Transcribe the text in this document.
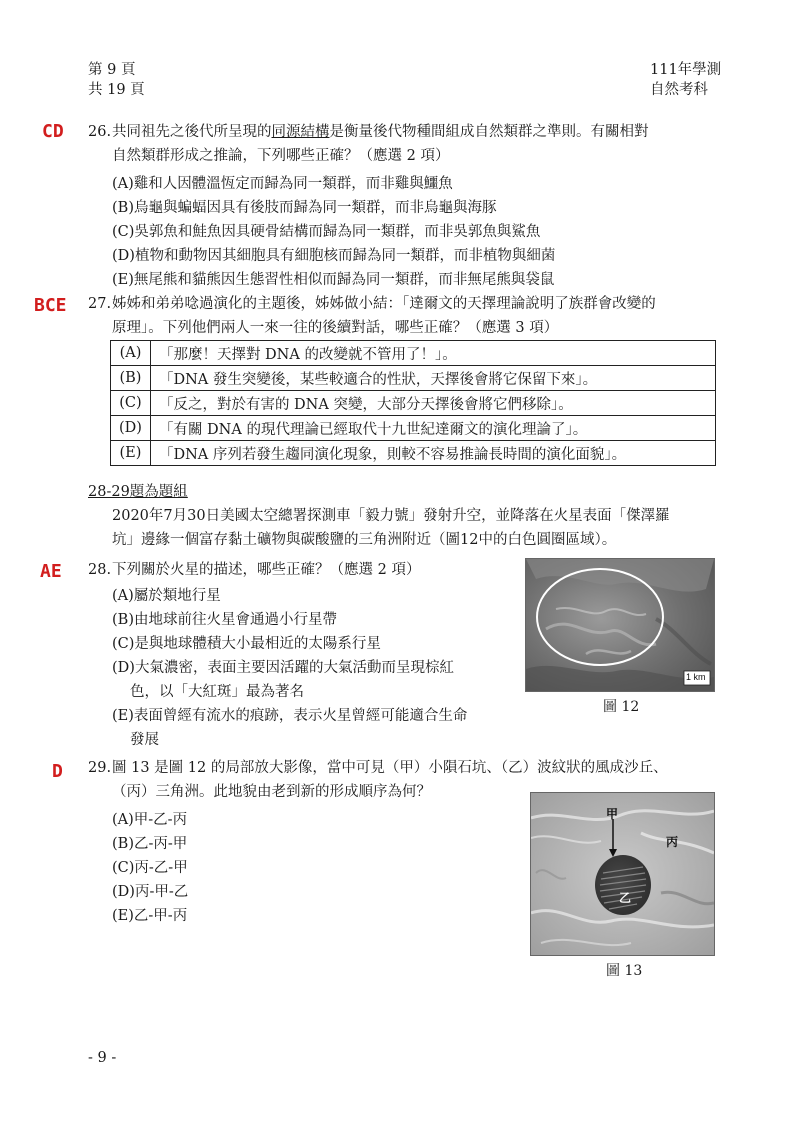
第 9 頁
共 19 頁
111年學測
自然考科
CD 26. 共同祖先之後代所呈現的同源結構是衡量後代物種間組成自然類群之準則。有關相對
自然類群形成之推論，下列哪些正確？（應選 2 項）
(A)雞和人因體溫恆定而歸為同一類群，而非雞與鱷魚
(B)烏龜與蝙蝠因具有後肢而歸為同一類群，而非烏龜與海豚
(C)吳郭魚和鮭魚因具硬骨結構而歸為同一類群，而非吳郭魚與鯊魚
(D)植物和動物因其細胞具有細胞核而歸為同一類群，而非植物與細菌
(E)無尾熊和貓熊因生態習性相似而歸為同一類群，而非無尾熊與袋鼠
BCE 27. 姊姊和弟弟唸過演化的主題後，姊姊做小結：「達爾文的天擇理論說明了族群會改變的
原理」。下列他們兩人一來一往的後續對話，哪些正確？（應選 3 項）
(A)	「那麼！天擇對 DNA 的改變就不管用了！」。
(B)	「DNA 發生突變後，某些較適合的性狀，天擇後會將它保留下來」。
(C)	「反之，對於有害的 DNA 突變，大部分天擇後會將它們移除」。
(D)	「有關 DNA 的現代理論已經取代十九世紀達爾文的演化理論了」。
(E)	「DNA 序列若發生趨同演化現象，則較不容易推論長時間的演化面貌」。
28-29題為題組
2020年7月30日美國太空總署探測車「毅力號」發射升空，並降落在火星表面「傑澤羅
坑」邊緣一個富存黏土礦物與碳酸鹽的三角洲附近（圖12中的白色圓圈區域）。
AE 28. 下列關於火星的描述，哪些正確？（應選 2 項）
(A)屬於類地行星
(B)由地球前往火星會通過小行星帶
(C)是與地球體積大小最相近的太陽系行星
(D)大氣濃密，表面主要因活躍的大氣活動而呈現棕紅
色，以「大紅斑」最為著名
(E)表面曾經有流水的痕跡，表示火星曾經可能適合生命
發展
1 km
圖 12
D 29. 圖 13 是圖 12 的局部放大影像，當中可見（甲）小隕石坑、（乙）波紋狀的風成沙丘、
（丙）三角洲。此地貌由老到新的形成順序為何？
(A)甲-乙-丙
(B)乙-丙-甲
(C)丙-乙-甲
(D)丙-甲-乙
(E)乙-甲-丙
甲
乙
丙
圖 13
- 9 -
